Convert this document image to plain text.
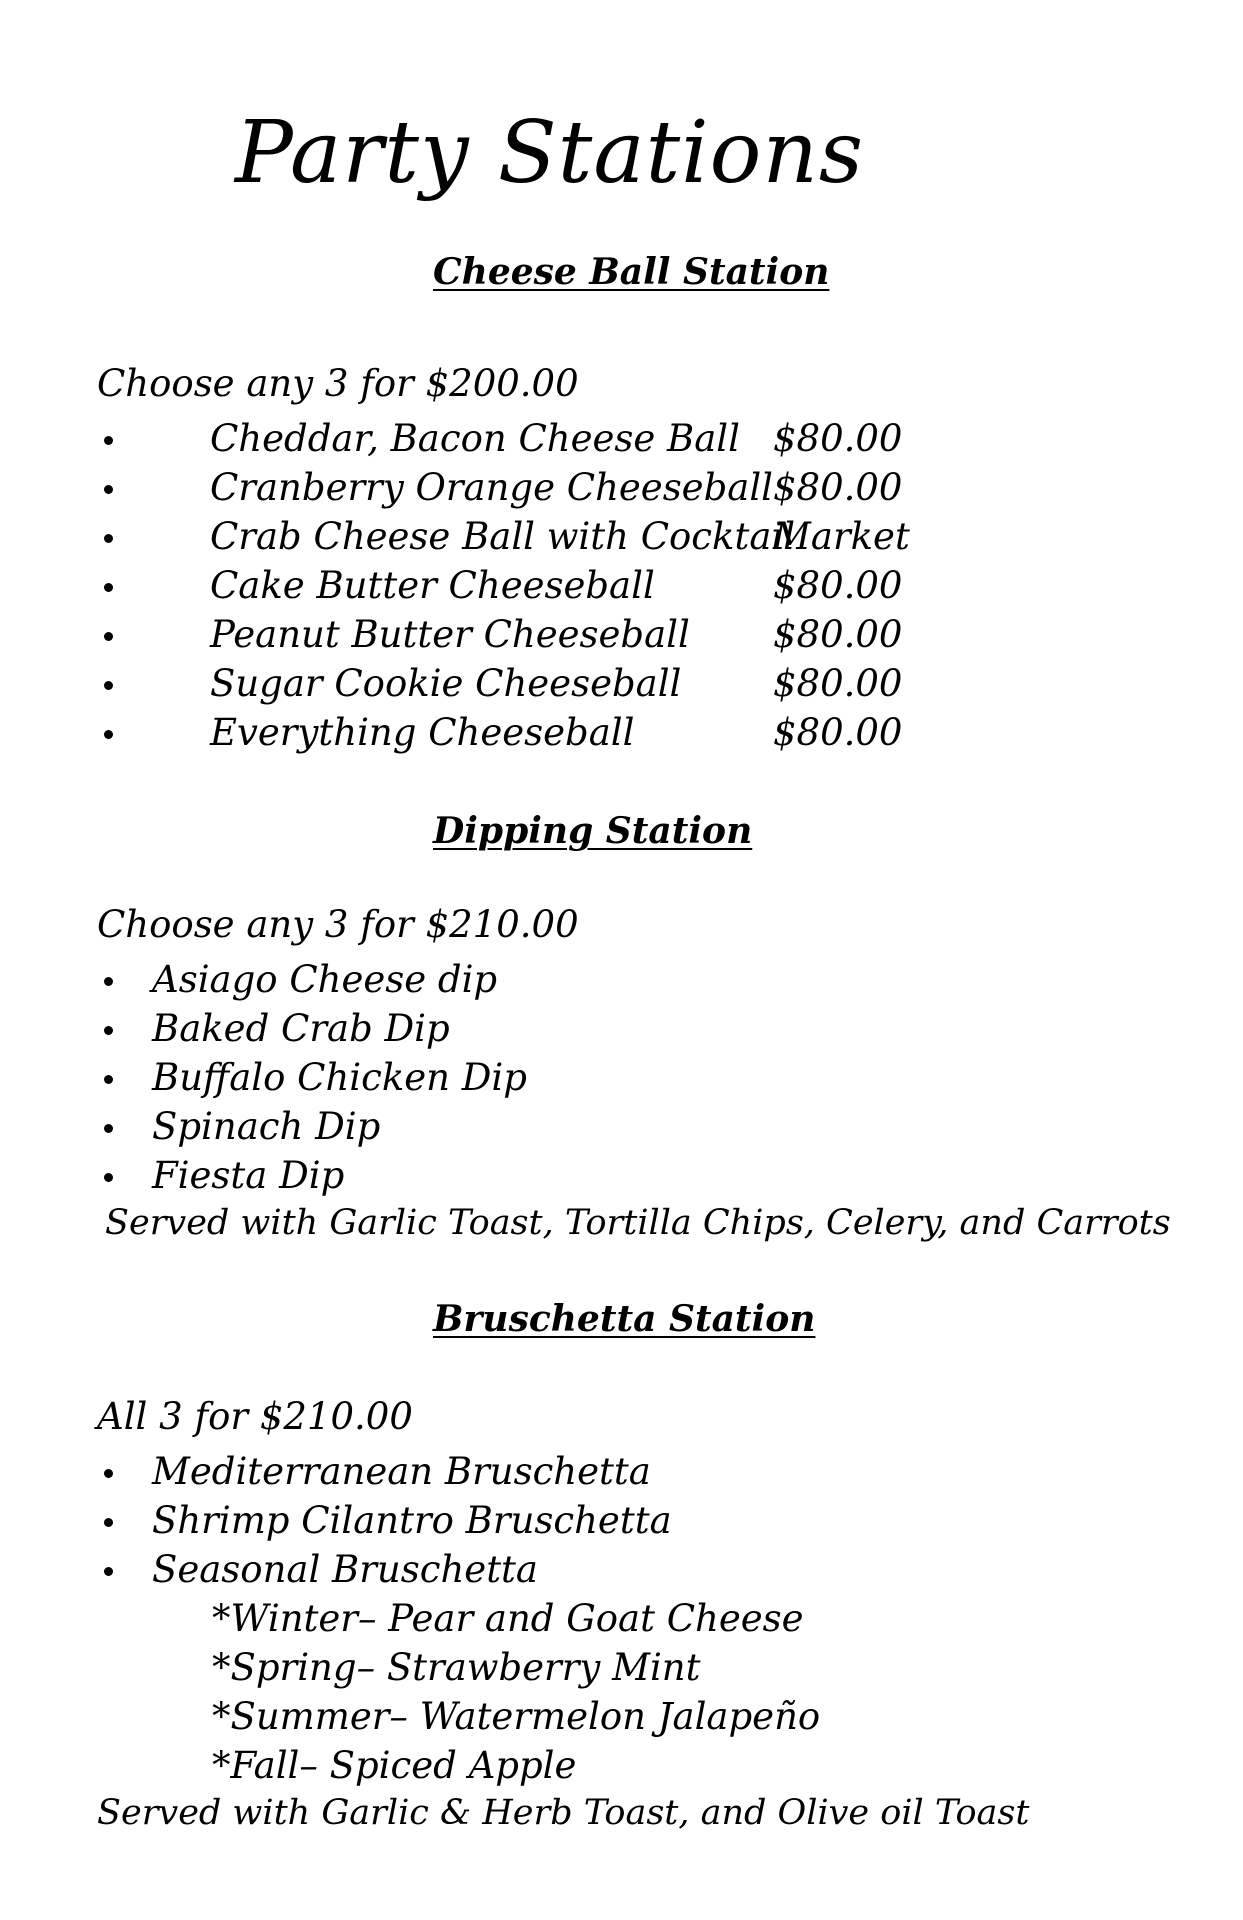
Party Stations
Cheese Ball Station
Choose any 3 for $200.00
Cheddar, Bacon Cheese Ball $80.00
Cranberry Orange Cheeseball $80.00
Crab Cheese Ball with Cocktail
Market
Cake Butter Cheeseball	$80.00
Peanut Butter Cheeseball $80.00
Sugar Cookie Cheeseball $80.00
Everything Cheeseball	$80.00
Dipping Station
Choose any 3 for $210.00
Asiago Cheese dip
Baked Crab Dip
Buffalo Chicken Dip
Spinach Dip
Fiesta Dip
Served with Garlic Toast, Tortilla Chips, Celery, and Carrots
Bruschetta Station
All 3 for $210.00
Mediterranean Bruschetta
Shrimp Cilantro Bruschetta
Seasonal Bruschetta
*Winter– Pear and Goat Cheese
*Spring– Strawberry Mint
*Summer– Watermelon Jalapeño
*Fall– Spiced Apple
Served with Garlic & Herb Toast, and Olive oil Toast
